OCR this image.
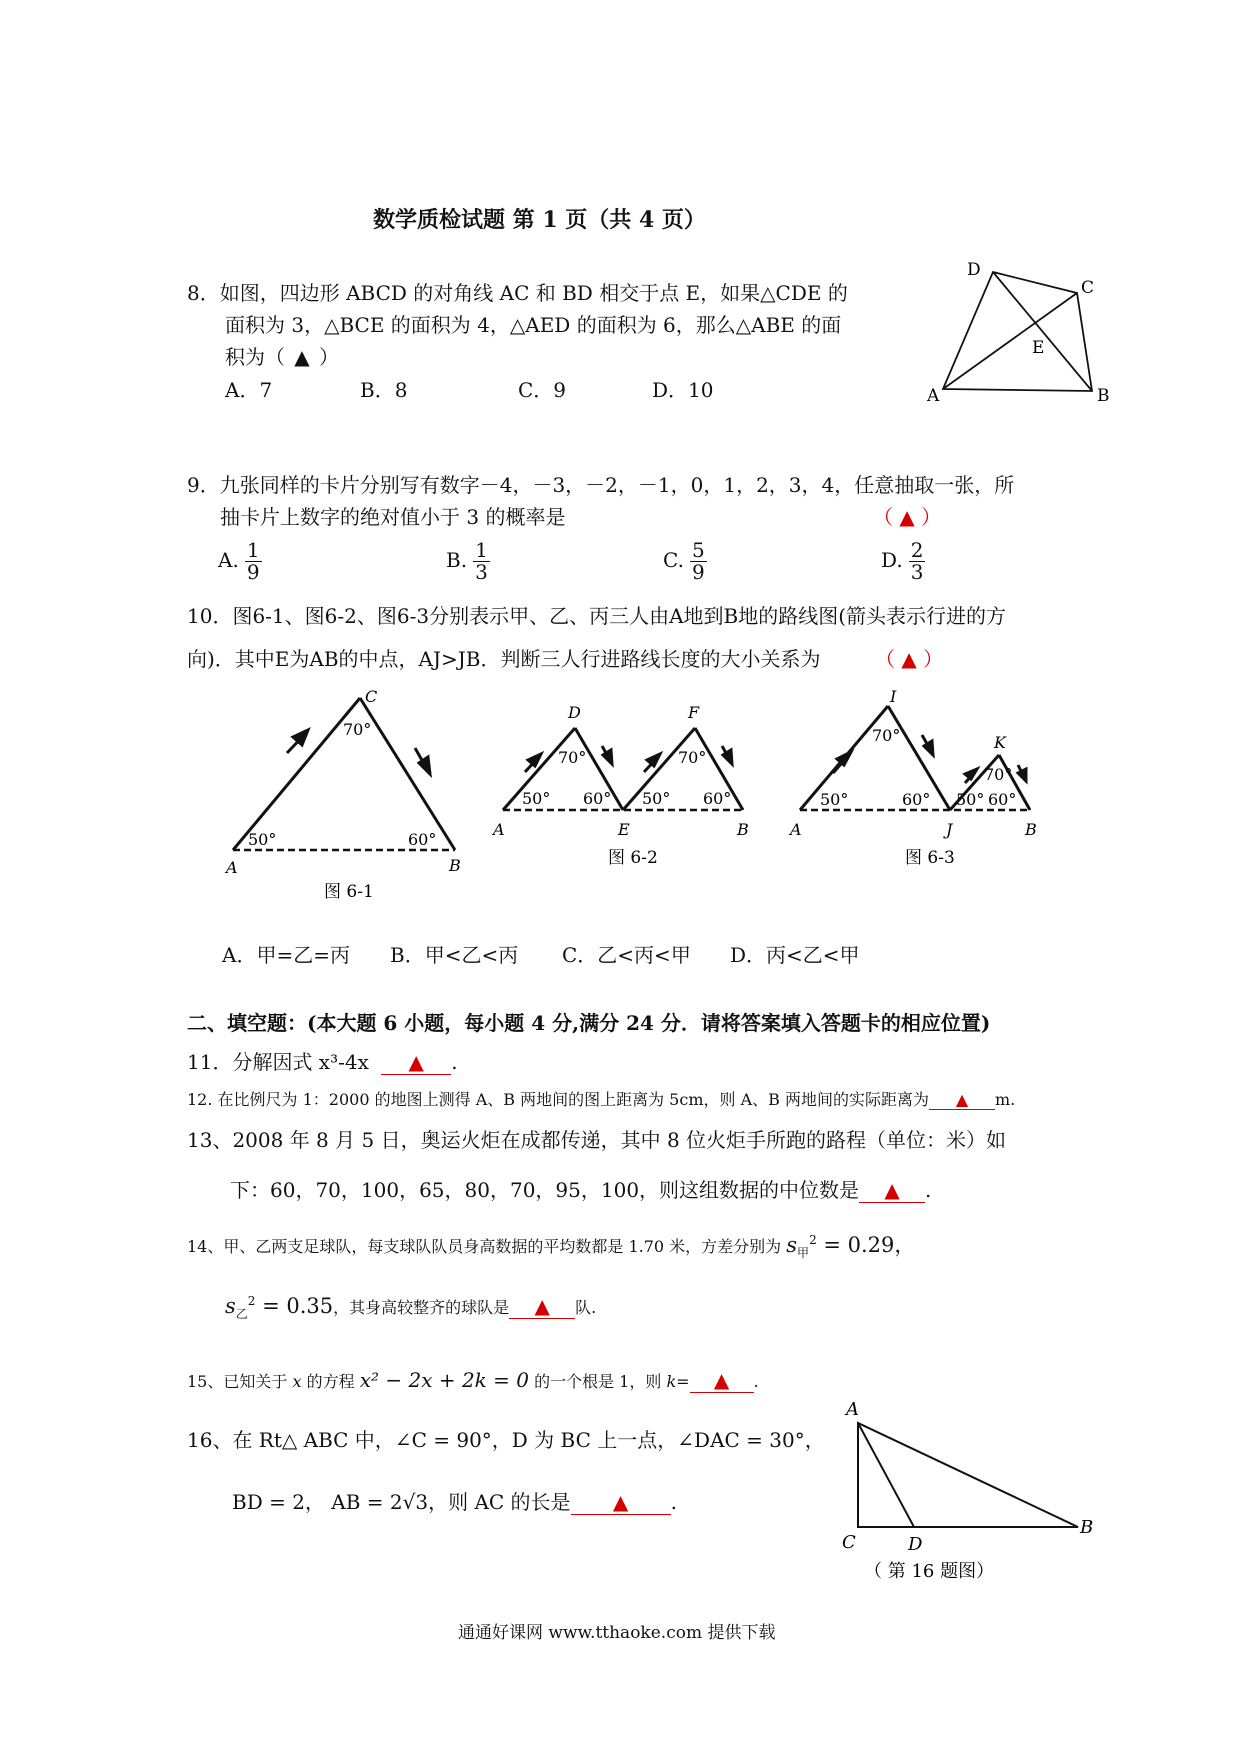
数学质检试题 第 1 页（共 4 页）
8．如图，四边形 ABCD 的对角线 AC 和 BD 相交于点 E，如果△CDE 的
面积为 3，△BCE 的面积为 4，△AED 的面积为 6，那么△ABE 的面
积为（ ▲ ）
A．7	B．8	C．9	D．10
D
C
E
A	B
9．九张同样的卡片分别写有数字－4，－3，－2，－1，0，1，2，3，4，任意抽取一张，所
抽卡片上数字的绝对值小于 3 的概率是	（ ▲ ）
A. $\frac{1}{9}$	B. $\frac{1}{3}$	C. $\frac{5}{9}$	D. $\frac{2}{3}$
10．图6-1、图6-2、图6-3分别表示甲、乙、丙三人由A地到B地的路线图(箭头表示行进的方
向)．其中E为AB的中点，AJ>JB．判断三人行进路线长度的大小关系为	（ ▲ ）
50°
70°
60°
C
A	B
图 6-1
50°
70°
60° 50°
70°
60°
D	F
A	E	B
图 6-2
50°
70°
60° 50°
70°
60°
I
K
A	J	B
图 6-3
A．甲=乙=丙 B．甲<乙<丙 C．乙<丙<甲 D．丙<乙<甲
二、填空题：(本大题 6 小题，每小题 4 分,满分 24 分．请将答案填入答题卡的相应位置)
11．分解因式 x³-4x ▲ .
12. 在比例尺为 1：2000 的地图上测得 A、B 两地间的图上距离为 5cm，则 A、B 两地间的实际距离为 ▲ m.
13、2008 年 8 月 5 日，奥运火炬在成都传递，其中 8 位火炬手所跑的路程（单位：米）如
下：60，70，100，65，80，70，95，100，则这组数据的中位数是 ▲ .
14、甲、乙两支足球队，每支球队队员身高数据的平均数都是 1.70 米，方差分别为 $s_甲^2 = 0.29$，
$s_乙^2 = 0.35$，其身高较整齐的球队是 ▲ 队.
15、已知关于 x 的方程 x² − 2x + 2k = 0 的一个根是 1，则 k= ▲ .
16、在 Rt△ ABC 中，∠C = 90°，D 为 BC 上一点，∠DAC = 30°，
BD = 2， AB = 2√3，则 AC 的长是 ▲ .
A
C	D
B
（ 第 16 题图）
通通好课网 www.tthaoke.com 提供下载
